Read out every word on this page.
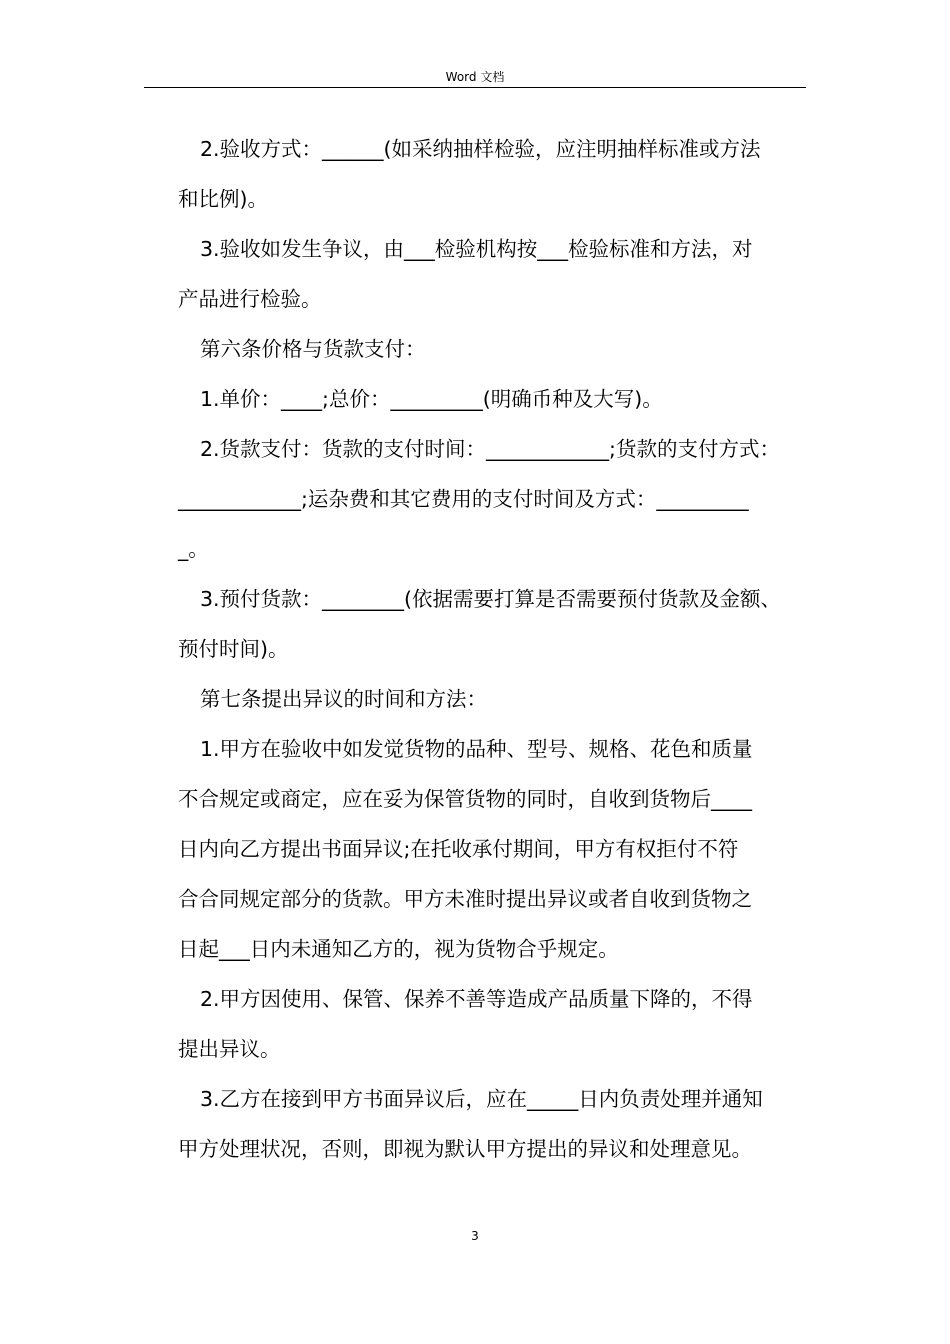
Word 文档
2.验收方式：______(如采纳抽样检验，应注明抽样标准或方法
和比例)。
3.验收如发生争议，由___检验机构按___检验标准和方法，对
产品进行检验。
第六条价格与货款支付：
1.单价：____;总价：_________(明确币种及大写)。
2.货款支付：货款的支付时间：____________;货款的支付方式：
____________;运杂费和其它费用的支付时间及方式：_________
_。
3.预付货款：________(依据需要打算是否需要预付货款及金额、
预付时间)。
第七条提出异议的时间和方法：
1.甲方在验收中如发觉货物的品种、型号、规格、花色和质量
不合规定或商定，应在妥为保管货物的同时，自收到货物后____
日内向乙方提出书面异议;在托收承付期间，甲方有权拒付不符
合合同规定部分的货款。甲方未准时提出异议或者自收到货物之
日起___日内未通知乙方的，视为货物合乎规定。
2.甲方因使用、保管、保养不善等造成产品质量下降的，不得
提出异议。
3.乙方在接到甲方书面异议后，应在_____日内负责处理并通知
甲方处理状况，否则，即视为默认甲方提出的异议和处理意见。
3
